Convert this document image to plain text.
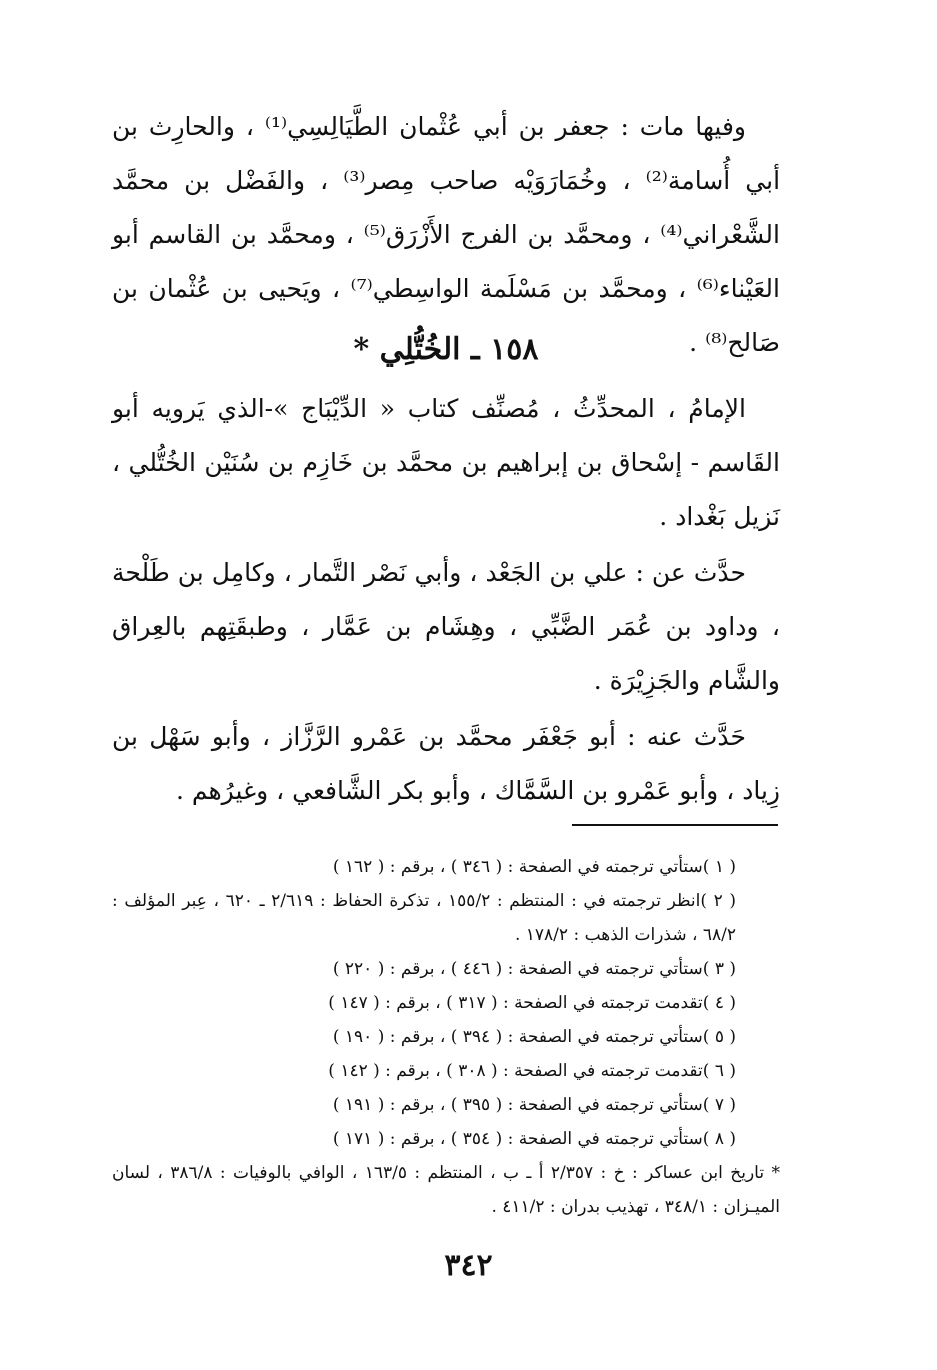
وفيها مات : جعفر بن أبي عُثْمان الطَّيَالِسِي⁽¹⁾ ، والحارِث بن أبي أُسامة⁽²⁾ ، وخُمَارَوَيْه صاحب مِصر⁽³⁾ ، والفَضْل بن محمَّد الشَّعْراني⁽⁴⁾ ، ومحمَّد بن الفرج الأَزْرَق⁽⁵⁾ ، ومحمَّد بن القاسم أبو العَيْناء⁽⁶⁾ ، ومحمَّد بن مَسْلَمة الواسِطي⁽⁷⁾ ، ويَحيى بن عُثْمان بن صَالح⁽⁸⁾ .

١٥٨ ـ الخُتُّلِي *

الإمامُ ، المحدِّثُ ، مُصنِّف كتاب « الدِّيْبَاج »-الذي يَرويه أبو القَاسم - إسْحاق بن إبراهيم بن محمَّد بن خَازِم بن سُنَيْن الخُتُّلي ، نَزيل بَغْداد .

حدَّث عن : علي بن الجَعْد ، وأبي نَصْر التَّمار ، وكامِل بن طَلْحة ، وداود بن عُمَر الضَّبِّي ، وهِشَام بن عَمَّار ، وطبقَتِهم بالعِراق والشَّام والجَزِيْرَة .

حَدَّث عنه : أبو جَعْفَر محمَّد بن عَمْرو الرَّزَّاز ، وأبو سَهْل بن زِياد ، وأبو عَمْرو بن السَّمَّاك ، وأبو بكر الشَّافعي ، وغيرُهم .

( ١ )ستأتي ترجمته في الصفحة : ( ٣٤٦ ) ، برقم : ( ١٦٢ )
( ٢ )انظر ترجمته في : المنتظم : ١٥٥/٢ ، تذكرة الحفاظ : ٢/٦١٩ ـ ٦٢٠ ، عِبر المؤلف : ٦٨/٢ ، شذرات الذهب : ١٧٨/٢ .
( ٣ )ستأتي ترجمته في الصفحة : ( ٤٤٦ ) ، برقم : ( ٢٢٠ )
( ٤ )تقدمت ترجمته في الصفحة : ( ٣١٧ ) ، برقم : ( ١٤٧ )
( ٥ )ستأتي ترجمته في الصفحة : ( ٣٩٤ ) ، برقم : ( ١٩٠ )
( ٦ )تقدمت ترجمته في الصفحة : ( ٣٠٨ ) ، برقم : ( ١٤٢ )
( ٧ )ستأتي ترجمته في الصفحة : ( ٣٩٥ ) ، برقم : ( ١٩١ )
( ٨ )ستأتي ترجمته في الصفحة : ( ٣٥٤ ) ، برقم : ( ١٧١ )
* تاريخ ابن عساكر : خ : ٢/٣٥٧ أ ـ ب ، المنتظم : ١٦٣/٥ ، الوافي بالوفيات : ٣٨٦/٨ ، لسان الميـزان : ٣٤٨/١ ، تهذيب بدران : ٤١١/٢ .
٣٤٢
